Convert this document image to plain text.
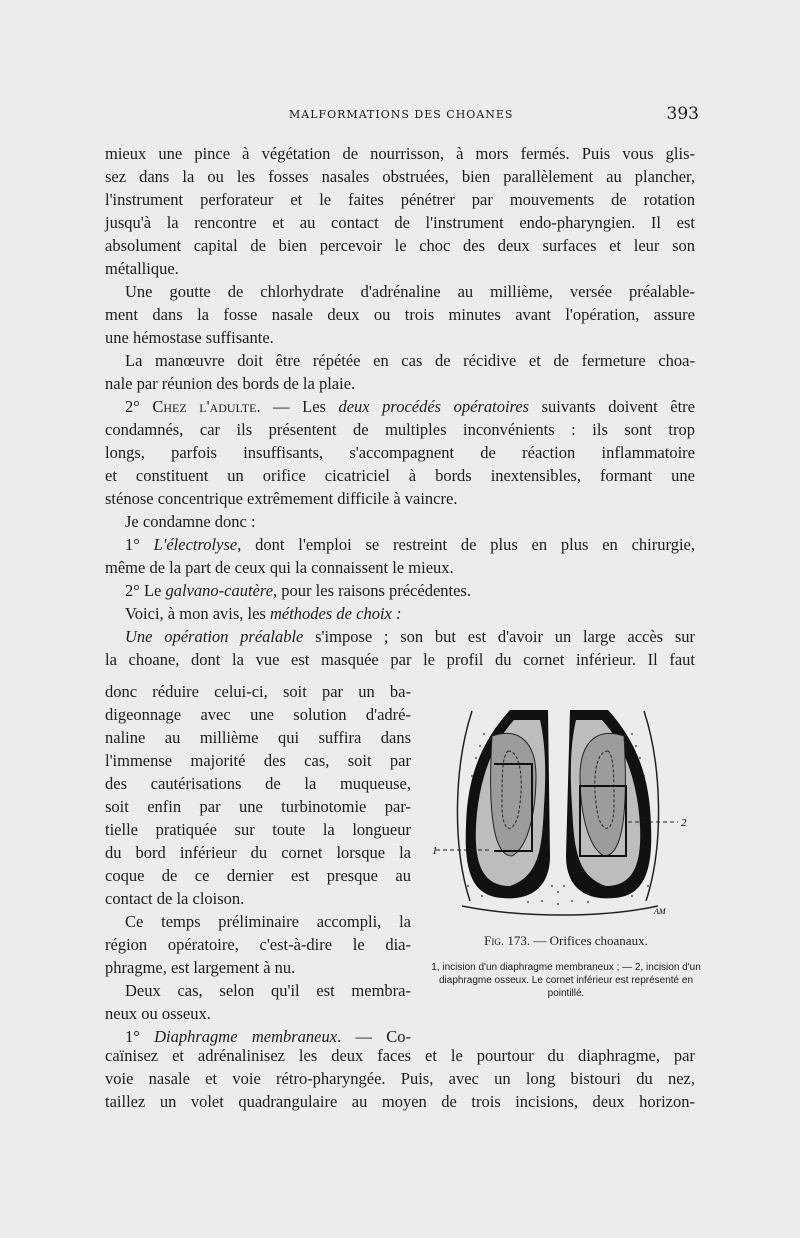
MALFORMATIONS DES CHOANES	393
mieux une pince à végétation de nourrisson, à mors fermés. Puis vous glis-
sez dans la ou les fosses nasales obstruées, bien parallèlement au plancher,
l'instrument perforateur et le faites pénétrer par mouvements de rotation
jusqu'à la rencontre et au contact de l'instrument endo-pharyngien. Il est
absolument capital de bien percevoir le choc des deux surfaces et leur son
métallique.
Une goutte de chlorhydrate d'adrénaline au millième, versée préalable-
ment dans la fosse nasale deux ou trois minutes avant l'opération, assure
une hémostase suffisante.
La manœuvre doit être répétée en cas de récidive et de fermeture choa-
nale par réunion des bords de la plaie.
2° Chez l'adulte. — Les deux procédés opératoires suivants doivent être
condamnés, car ils présentent de multiples inconvénients : ils sont trop
longs, parfois insuffisants, s'accompagnent de réaction inflammatoire
et constituent un orifice cicatriciel à bords inextensibles, formant une
sténose concentrique extrêmement difficile à vaincre.
Je condamne donc :
1° L'électrolyse, dont l'emploi se restreint de plus en plus en chirurgie,
même de la part de ceux qui la connaissent le mieux.
2° Le galvano-cautère, pour les raisons précédentes.
Voici, à mon avis, les méthodes de choix :
Une opération préalable s'impose ; son but est d'avoir un large accès sur
la choane, dont la vue est masquée par le profil du cornet inférieur. Il faut
donc réduire celui-ci, soit par un ba-
digeonnage avec une solution d'adré-
naline au millième qui suffira dans
l'immense majorité des cas, soit par
des cautérisations de la muqueuse,
soit enfin par une turbinotomie par-
tielle pratiquée sur toute la longueur
du bord inférieur du cornet lorsque la
coque de ce dernier est presque au
contact de la cloison.
Ce temps préliminaire accompli, la
région opératoire, c'est-à-dire le dia-
phragme, est largement à nu.
Deux cas, selon qu'il est membra-
neux ou osseux.
1° Diaphragme membraneux. — Co-
caïnisez et adrénalinisez les deux faces et le pourtour du diaphragme, par
voie nasale et voie rétro-pharyngée. Puis, avec un long bistouri du nez,
taillez un volet quadrangulaire au moyen de trois incisions, deux horizon-
1
2
AM
Fig. 173. — Orifices choanaux.
1, incision d'un diaphragme membraneux ; — 2, incision d'un diaphragme osseux. Le cornet inférieur est représenté en pointillé.
